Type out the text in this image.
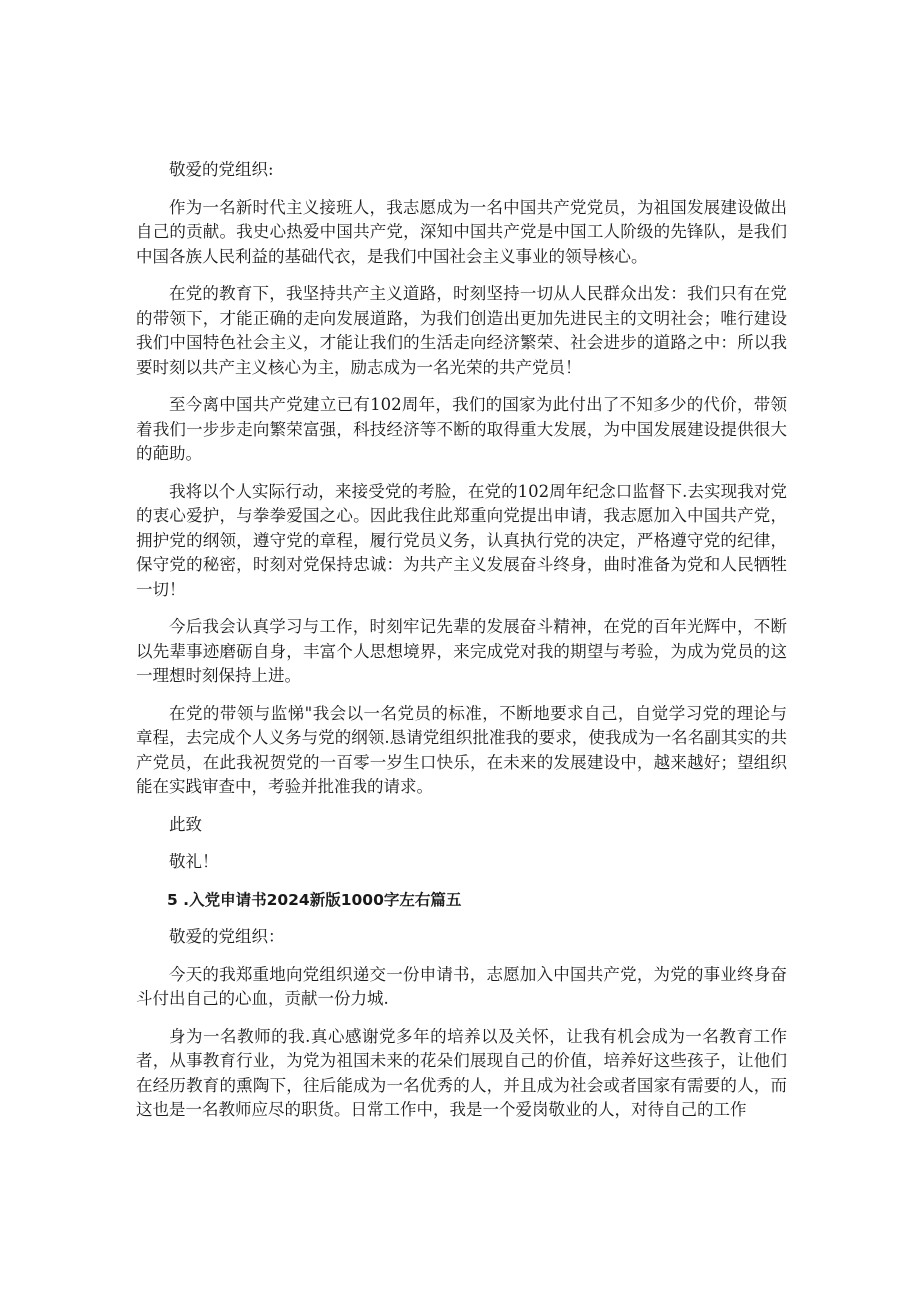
敬爱的党组织:

作为一名新时代主义接班人，我志愿成为一名中国共产党党员，为祖国发展建设做出自己的贡献。我史心热爱中国共产党，深知中国共产党是中国工人阶级的先锋队，是我们中国各族人民利益的基础代衣，是我们中国社会主义事业的领导核心。

在党的教育下，我坚持共产主义道路，时刻坚持一切从人民群众出发：我们只有在党的带领下，才能正确的走向发展道路，为我们创造出更加先进民主的文明社会；唯行建设我们中国特色社会主义，才能让我们的生活走向经济繁荣、社会进步的道路之中：所以我要时刻以共产主义核心为主，励志成为一名光荣的共产党员！

至今离中国共产党建立已有102周年，我们的国家为此付出了不知多少的代价，带领着我们一步步走向繁荣富强，科技经济等不断的取得重大发展，为中国发展建设提供很大的葩助。

我将以个人实际行动，来接受党的考脸，在党的102周年纪念口监督下.去实现我对党的衷心爱护，与拳拳爱国之心。因此我住此郑重向党提出申请，我志愿加入中国共产党，拥护党的纲领，遵守党的章程，履行党员义务，认真执行党的决定，严格遵守党的纪律，保守党的秘密，时刻对党保持忠诚：为共产主义发展奋斗终身，曲时准备为党和人民牺牲一切！

今后我会认真学习与工作，时刻牢记先辈的发展奋斗精神，在党的百年光辉中，不断以先辈事迹磨砺自身，丰富个人思想境界，来完成党对我的期望与考验，为成为党员的这一理想时刻保持上进。

在党的带领与监悌"我会以一名党员的标准，不断地要求自己，自觉学习党的理论与章程，去完成个人义务与党的纲领.恳请党组织批准我的要求，使我成为一名名副其实的共产党员，在此我祝贺党的一百零一岁生口快乐，在未来的发展建设中，越来越好；望组织能在实践审查中，考验并批准我的请求。

此致

敬礼！

5 .入党申请书2024新版1000字左右篇五

敬爱的党组织：

今天的我郑重地向党组织递交一份申请书，志愿加入中国共产党，为党的事业终身奋斗付出自己的心血，贡献一份力城.

身为一名教师的我.真心感谢党多年的培养以及关怀，让我有机会成为一名教育工作者，从事教育行业，为党为祖国未来的花朵们展现自己的价值，培养好这些孩子，让他们在经历教育的熏陶下，往后能成为一名优秀的人，并且成为社会或者国家有需要的人，而这也是一名教师应尽的职货。日常工作中，我是一个爱岗敬业的人，对待自己的工作
